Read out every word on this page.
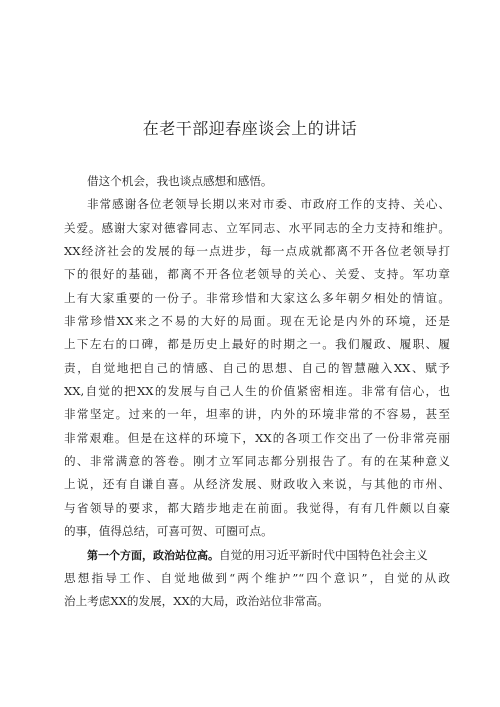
在老干部迎春座谈会上的讲话
借这个机会，我也谈点感想和感悟。
非常感谢各位老领导长期以来对市委、市政府工作的支持、关心、
关爱。感谢大家对德睿同志、立军同志、水平同志的全力支持和维护。
XX经济社会的发展的每一点进步，每一点成就都离不开各位老领导打
下的很好的基础，都离不开各位老领导的关心、关爱、支持。军功章
上有大家重要的一份子。非常珍惜和大家这么多年朝夕相处的情谊。
非常珍惜XX来之不易的大好的局面。现在无论是内外的环境，还是
上下左右的口碑，都是历史上最好的时期之一。我们履政、履职、履
责，自觉地把自己的情感、自己的思想、自己的智慧融入XX、赋予
XX,自觉的把XX的发展与自己人生的价值紧密相连。非常有信心，也
非常坚定。过来的一年，坦率的讲，内外的环境非常的不容易，甚至
非常艰难。但是在这样的环境下，XX的各项工作交出了一份非常亮丽
的、非常满意的答卷。刚才立军同志都分别报告了。有的在某种意义
上说，还有自谦自喜。从经济发展、财政收入来说，与其他的市州、
与省领导的要求，都大踏步地走在前面。我觉得，有有几件颇以自豪
的事，值得总结，可喜可贺、可圈可点。
第一个方面，政治站位高。自觉的用习近平新时代中国特色社会主义
思想指导工作、自觉地做到“两个维护”“四个意识”，自觉的从政
治上考虑XX的发展，XX的大局，政治站位非常高。
